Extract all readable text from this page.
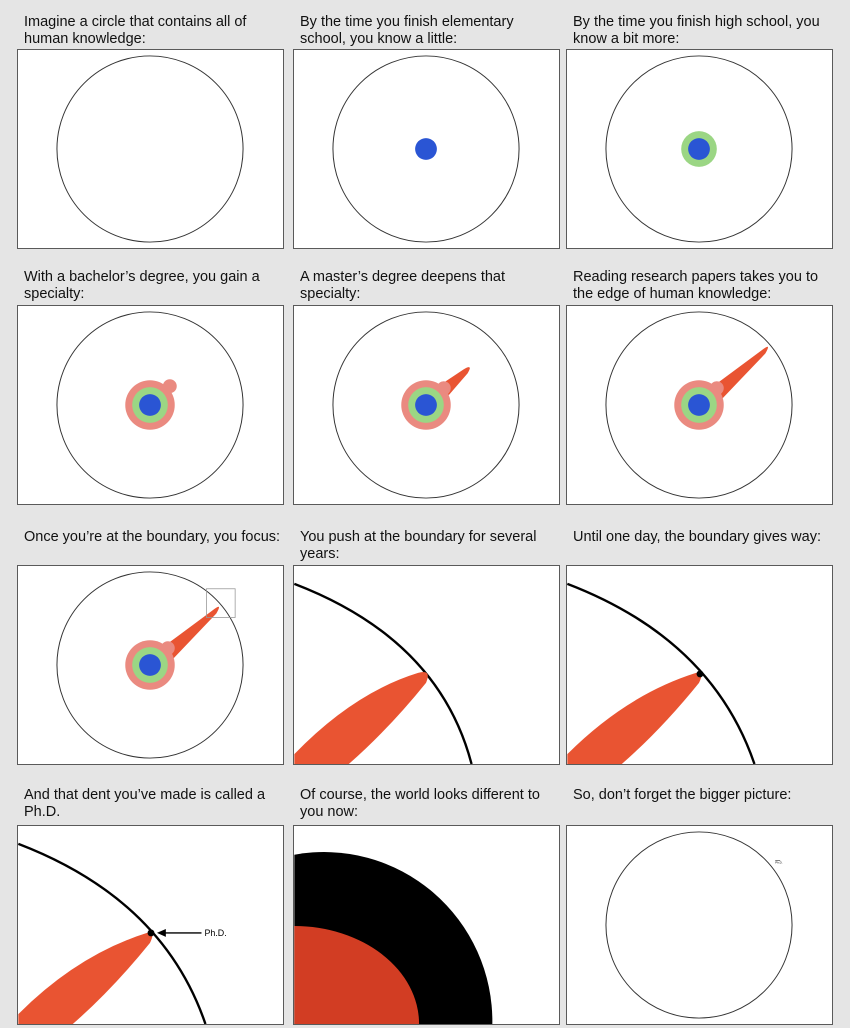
Imagine a circle that contains all of human knowledge:

By the time you finish elementary school, you know a little:

By the time you finish high school, you know a bit more:

With a bachelor’s degree, you gain a specialty:

A master’s degree deepens that specialty:

Reading research papers takes you to the edge of human knowledge:

Once you’re at the boundary, you focus: You push at the boundary for several years:

Until one day, the boundary gives way:

And that dent you’ve made is called a Ph.D.

Of course, the world looks different to you now:

So, don’t forget the bigger picture:

Ph.D.
Ph.D.
